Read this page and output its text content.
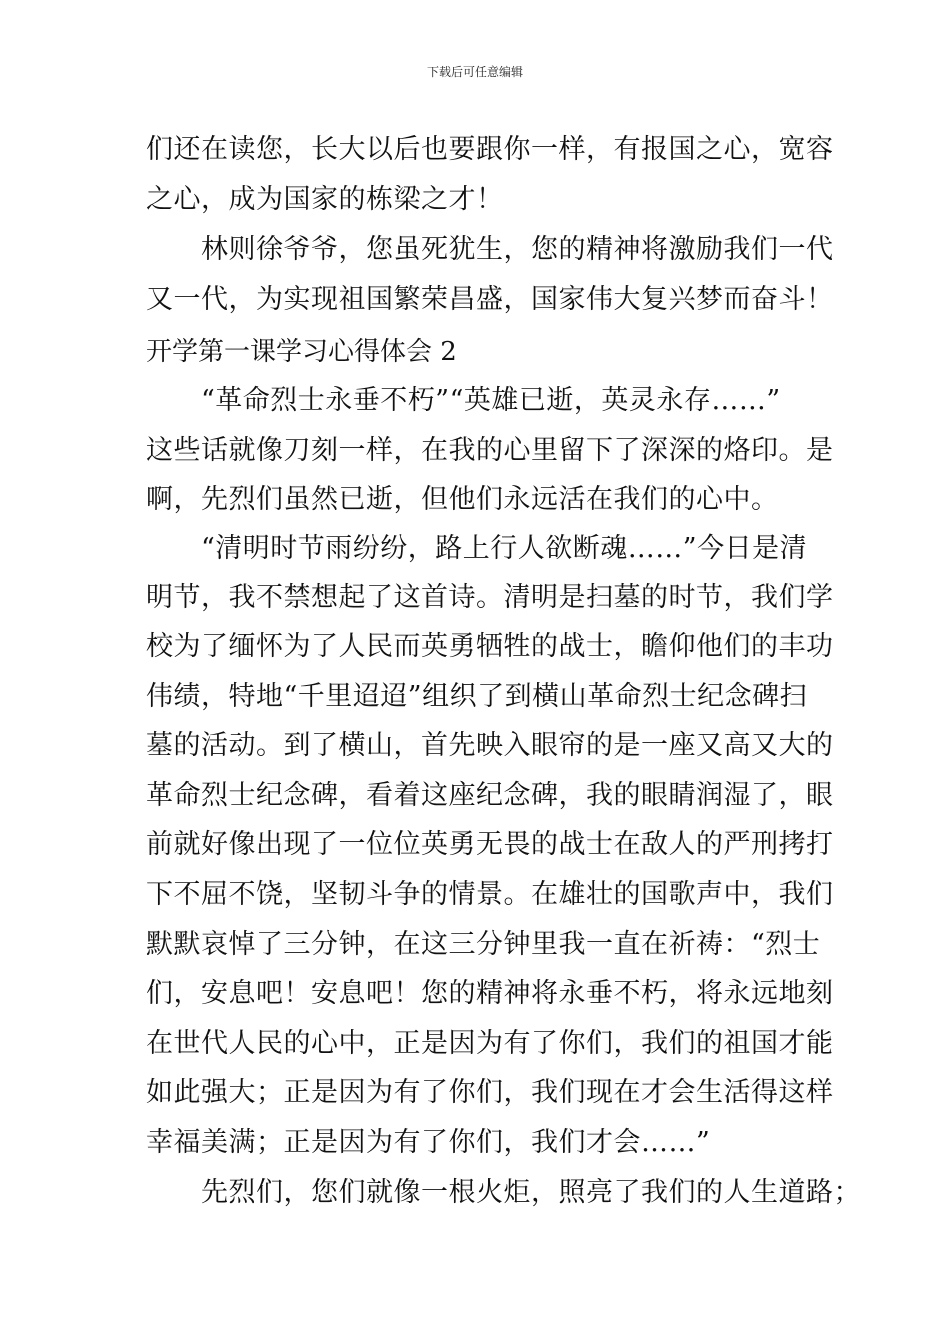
下载后可任意编辑
们还在读您，长大以后也要跟你一样，有报国之心，宽容
之心，成为国家的栋梁之才！
林则徐爷爷，您虽死犹生，您的精神将激励我们一代
又一代，为实现祖国繁荣昌盛，国家伟大复兴梦而奋斗！
开学第一课学习心得体会 2
“革命烈士永垂不朽”“英雄已逝，英灵永存……”
这些话就像刀刻一样，在我的心里留下了深深的烙印。是
啊，先烈们虽然已逝，但他们永远活在我们的心中。
“清明时节雨纷纷，路上行人欲断魂……”今日是清
明节，我不禁想起了这首诗。清明是扫墓的时节，我们学
校为了缅怀为了人民而英勇牺牲的战士，瞻仰他们的丰功
伟绩，特地“千里迢迢”组织了到横山革命烈士纪念碑扫
墓的活动。到了横山，首先映入眼帘的是一座又高又大的
革命烈士纪念碑，看着这座纪念碑，我的眼睛润湿了，眼
前就好像出现了一位位英勇无畏的战士在敌人的严刑拷打
下不屈不饶，坚韧斗争的情景。在雄壮的国歌声中，我们
默默哀悼了三分钟，在这三分钟里我一直在祈祷：“烈士
们，安息吧！安息吧！您的精神将永垂不朽，将永远地刻
在世代人民的心中，正是因为有了你们，我们的祖国才能
如此强大；正是因为有了你们，我们现在才会生活得这样
幸福美满；正是因为有了你们，我们才会……”
先烈们，您们就像一根火炬，照亮了我们的人生道路；
